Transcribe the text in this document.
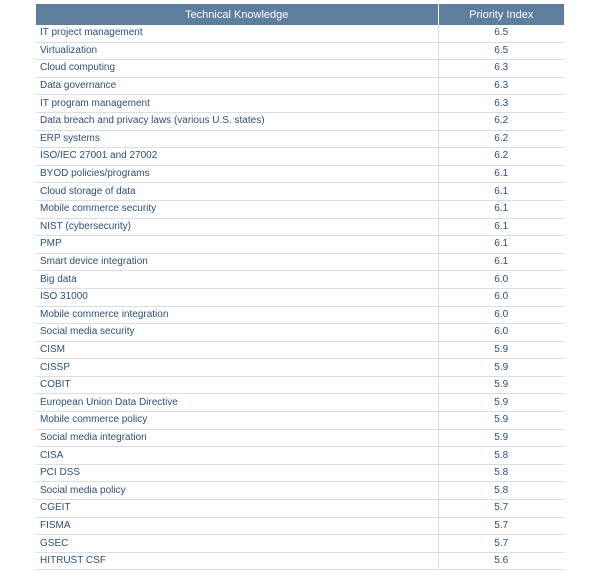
Technical Knowledge	Priority Index
IT project management	6.5
Virtualization	6.5
Cloud computing	6.3
Data governance	6.3
IT program management	6.3
Data breach and privacy laws (various U.S. states)	6.2
ERP systems	6.2
ISO/IEC 27001 and 27002	6.2
BYOD policies/programs	6.1
Cloud storage of data	6.1
Mobile commerce security	6.1
NIST (cybersecurity)	6.1
PMP	6.1
Smart device integration	6.1
Big data	6.0
ISO 31000	6.0
Mobile commerce integration	6.0
Social media security	6.0
CISM	5.9
CISSP	5.9
COBIT	5.9
European Union Data Directive	5.9
Mobile commerce policy	5.9
Social media integration	5.9
CISA	5.8
PCI DSS	5.8
Social media policy	5.8
CGEIT	5.7
FISMA	5.7
GSEC	5.7
HITRUST CSF	5.6
